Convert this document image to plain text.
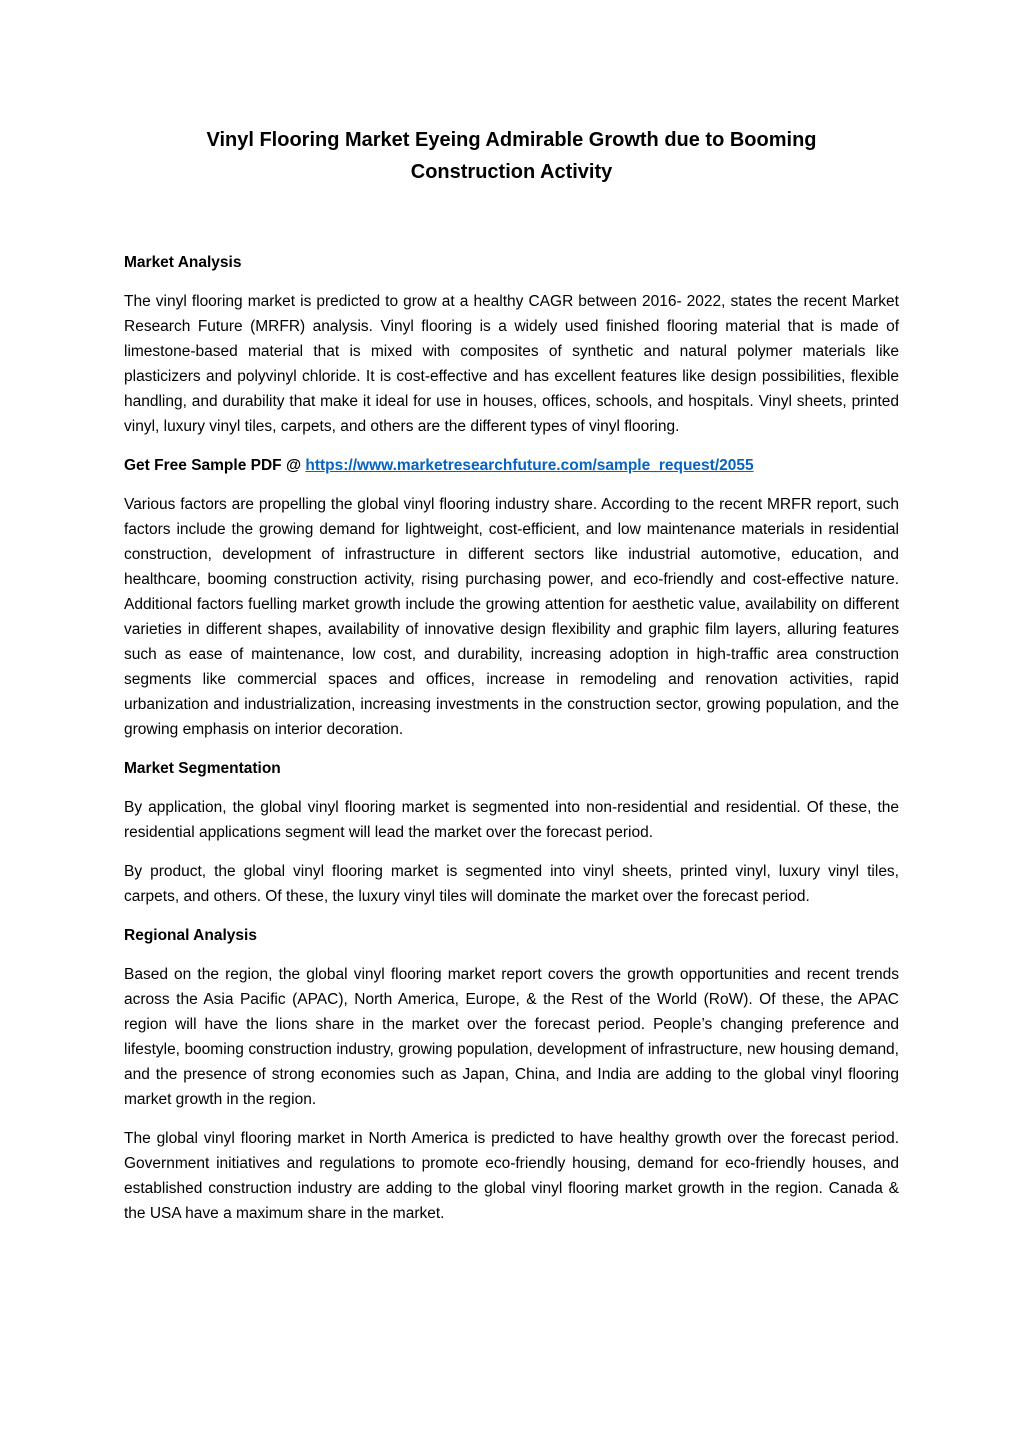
Vinyl Flooring Market Eyeing Admirable Growth due to Booming Construction Activity
Market Analysis

The vinyl flooring market is predicted to grow at a healthy CAGR between 2016- 2022, states the recent Market Research Future (MRFR) analysis. Vinyl flooring is a widely used finished flooring material that is made of limestone-based material that is mixed with composites of synthetic and natural polymer materials like plasticizers and polyvinyl chloride. It is cost-effective and has excellent features like design possibilities, flexible handling, and durability that make it ideal for use in houses, offices, schools, and hospitals. Vinyl sheets, printed vinyl, luxury vinyl tiles, carpets, and others are the different types of vinyl flooring.

Get Free Sample PDF @ https://www.marketresearchfuture.com/sample_request/2055

Various factors are propelling the global vinyl flooring industry share. According to the recent MRFR report, such factors include the growing demand for lightweight, cost-efficient, and low maintenance materials in residential construction, development of infrastructure in different sectors like industrial automotive, education, and healthcare, booming construction activity, rising purchasing power, and eco-friendly and cost-effective nature. Additional factors fuelling market growth include the growing attention for aesthetic value, availability on different varieties in different shapes, availability of innovative design flexibility and graphic film layers, alluring features such as ease of maintenance, low cost, and durability, increasing adoption in high-traffic area construction segments like commercial spaces and offices, increase in remodeling and renovation activities, rapid urbanization and industrialization, increasing investments in the construction sector, growing population, and the growing emphasis on interior decoration.

Market Segmentation

By application, the global vinyl flooring market is segmented into non-residential and residential. Of these, the residential applications segment will lead the market over the forecast period.

By product, the global vinyl flooring market is segmented into vinyl sheets, printed vinyl, luxury vinyl tiles, carpets, and others. Of these, the luxury vinyl tiles will dominate the market over the forecast period.

Regional Analysis

Based on the region, the global vinyl flooring market report covers the growth opportunities and recent trends across the Asia Pacific (APAC), North America, Europe, & the Rest of the World (RoW). Of these, the APAC region will have the lions share in the market over the forecast period. People’s changing preference and lifestyle, booming construction industry, growing population, development of infrastructure, new housing demand, and the presence of strong economies such as Japan, China, and India are adding to the global vinyl flooring market growth in the region.

The global vinyl flooring market in North America is predicted to have healthy growth over the forecast period. Government initiatives and regulations to promote eco-friendly housing, demand for eco-friendly houses, and established construction industry are adding to the global vinyl flooring market growth in the region. Canada & the USA have a maximum share in the market.
